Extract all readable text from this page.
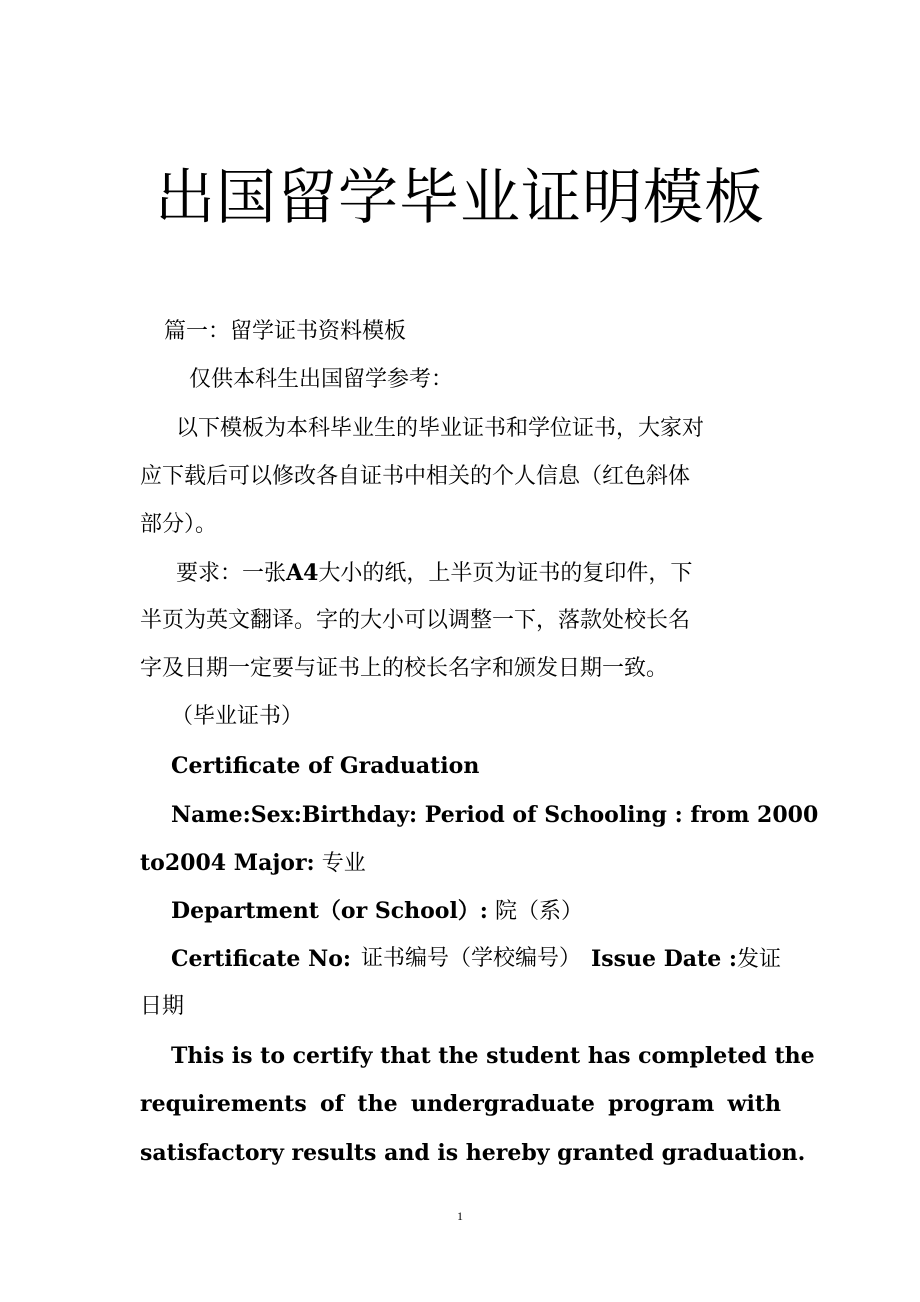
出国留学毕业证明模板
篇一：留学证书资料模板
仅供本科生出国留学参考：
以下模板为本科毕业生的毕业证书和学位证书，大家对
应下载后可以修改各自证书中相关的个人信息（红色斜体
部分）。
要求：一张A4大小的纸，上半页为证书的复印件，下
半页为英文翻译。字的大小可以调整一下，落款处校长名
字及日期一定要与证书上的校长名字和颁发日期一致。
（毕业证书）
Certificate of Graduation
Name:Sex:Birthday: Period of Schooling : from 2000
to2004 Major: 专业
Department（or School）: 院（系）
Certificate No: 证书编号（学校编号） Issue Date :发证
日期
This is to certify that the student has completed the
requirements of the undergraduate program with
satisfactory results and is hereby granted graduation.
1
